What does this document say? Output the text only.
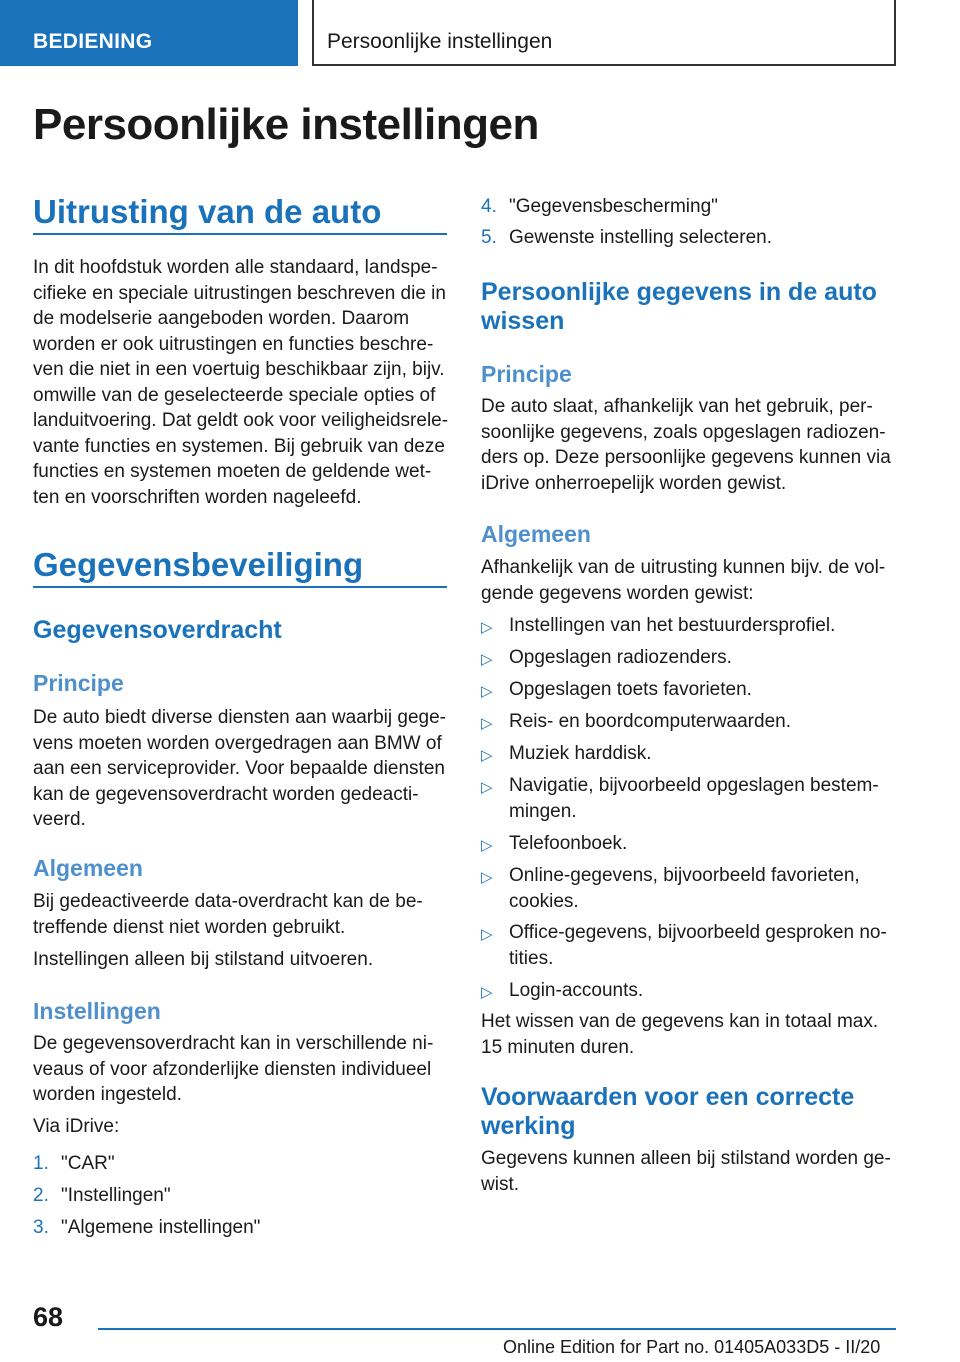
BEDIENING	Persoonlijke instellingen
Persoonlijke instellingen
Uitrusting van de auto
In dit hoofdstuk worden alle standaard, landspe‐
cifieke en speciale uitrustingen beschreven die in
de modelserie aangeboden worden. Daarom
worden er ook uitrustingen en functies beschre‐
ven die niet in een voertuig beschikbaar zijn, bijv.
omwille van de geselecteerde speciale opties of
landuitvoering. Dat geldt ook voor veiligheidsrele‐
vante functies en systemen. Bij gebruik van deze
functies en systemen moeten de geldende wet‐
ten en voorschriften worden nageleefd.
Gegevensbeveiliging
Gegevensoverdracht
Principe
De auto biedt diverse diensten aan waarbij gege‐
vens moeten worden overgedragen aan BMW of
aan een serviceprovider. Voor bepaalde diensten
kan de gegevensoverdracht worden gedeacti‐
veerd.
Algemeen
Bij gedeactiveerde data-overdracht kan de be‐
treffende dienst niet worden gebruikt.
Instellingen alleen bij stilstand uitvoeren.
Instellingen
De gegevensoverdracht kan in verschillende ni‐
veaus of voor afzonderlijke diensten individueel
worden ingesteld.
Via iDrive:
1. "CAR"
2. "Instellingen"
3. "Algemene instellingen"
4. "Gegevensbescherming"
5. Gewenste instelling selecteren.
Persoonlijke gegevens in de auto
wissen
Principe
De auto slaat, afhankelijk van het gebruik, per‐
soonlijke gegevens, zoals opgeslagen radiozen‐
ders op. Deze persoonlijke gegevens kunnen via
iDrive onherroepelijk worden gewist.
Algemeen
Afhankelijk van de uitrusting kunnen bijv. de vol‐
gende gegevens worden gewist:
▷ Instellingen van het bestuurdersprofiel.
▷ Opgeslagen radiozenders.
▷ Opgeslagen toets favorieten.
▷ Reis- en boordcomputerwaarden.
▷ Muziek harddisk.
▷ Navigatie, bijvoorbeeld opgeslagen bestem‐
mingen.
▷ Telefoonboek.
▷ Online-gegevens, bijvoorbeeld favorieten,
cookies.
▷ Office-gegevens, bijvoorbeeld gesproken no‐
tities.
▷ Login-accounts.
Het wissen van de gegevens kan in totaal max.
15 minuten duren.
Voorwaarden voor een correcte
werking
Gegevens kunnen alleen bij stilstand worden ge‐
wist.
68
Online Edition for Part no. 01405A033D5 - II/20
